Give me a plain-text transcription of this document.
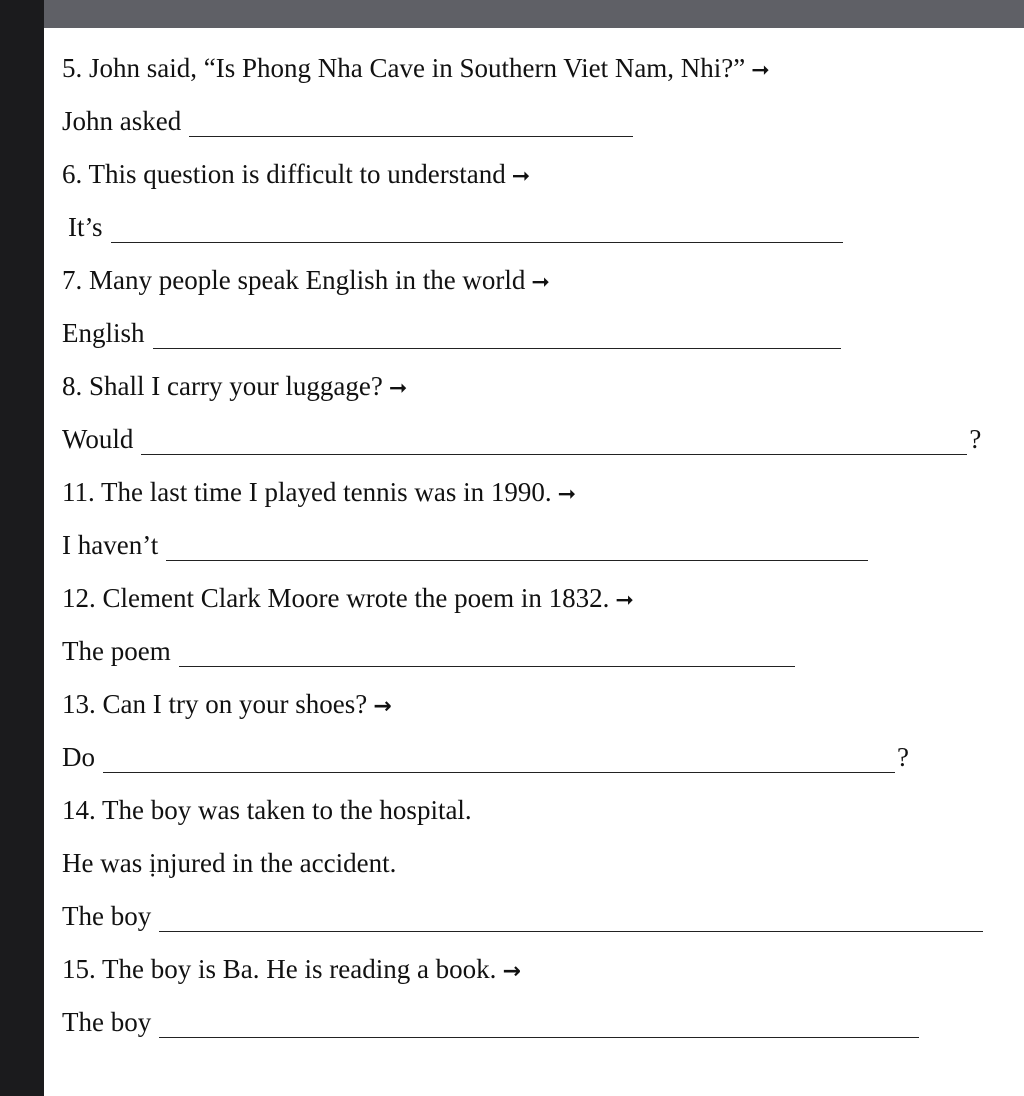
5. John said, “Is Phong Nha Cave in Southern Viet Nam, Nhi?” ➞
John asked
6. This question is difficult to understand ➞
It’s
7. Many people speak English in the world ➞
English
8. Shall I carry your luggage? ➞
Would	?
11. The last time I played tennis was in 1990. ➞
I haven’t
12. Clement Clark Moore wrote the poem in 1832. ➞
The poem
13. Can I try on your shoes? →
Do	?
14. The boy was taken to the hospital.
He was ịnjured in the accident.
The boy
15. The boy is Ba. He is reading a book. →
The boy
